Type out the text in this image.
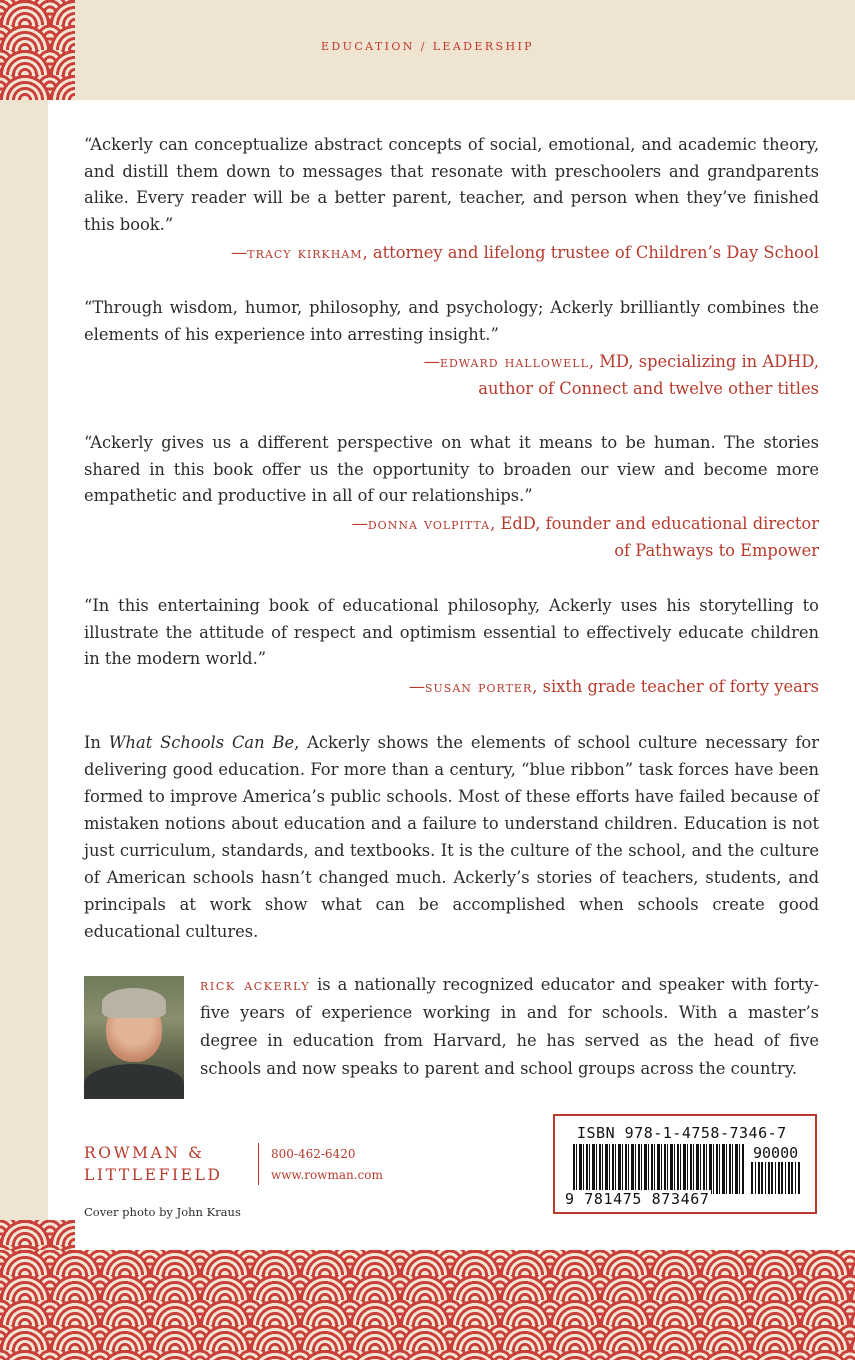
EDUCATION / LEADERSHIP
“Ackerly can conceptualize abstract concepts of social, emotional, and academic theory, and distill them down to messages that resonate with preschoolers and grandparents alike. Every reader will be a better parent, teacher, and person when they’ve finished this book.”
—tracy kirkham, attorney and lifelong trustee of Children’s Day School
“Through wisdom, humor, philosophy, and psychology; Ackerly brilliantly combines the elements of his experience into arresting insight.”
—edward hallowell, MD, specializing in ADHD,
author of Connect and twelve other titles
“Ackerly gives us a different perspective on what it means to be human. The stories shared in this book offer us the opportunity to broaden our view and become more empathetic and productive in all of our relationships.”
—donna volpitta, EdD, founder and educational director
of Pathways to Empower
“In this entertaining book of educational philosophy, Ackerly uses his storytelling to illustrate the attitude of respect and optimism essential to effectively educate children in the modern world.”
—susan porter, sixth grade teacher of forty years
In What Schools Can Be, Ackerly shows the elements of school culture necessary for delivering good education. For more than a century, “blue ribbon” task forces have been formed to improve America’s public schools. Most of these efforts have failed because of mistaken notions about education and a failure to understand children. Education is not just curriculum, standards, and textbooks. It is the culture of the school, and the culture of American schools hasn’t changed much. Ackerly’s stories of teachers, students, and principals at work show what can be accomplished when schools create good educational cultures.
rick ackerly is a nationally recognized educator and speaker with forty-five years of experience working in and for schools. With a master’s degree in education from Harvard, he has served as the head of five schools and now speaks to parent and school groups across the country.
ROWMAN &
LITTLEFIELD
800-462-6420
www.rowman.com
Cover photo by John Kraus
ISBN 978-1-4758-7346-7
90000
9 781475 873467
